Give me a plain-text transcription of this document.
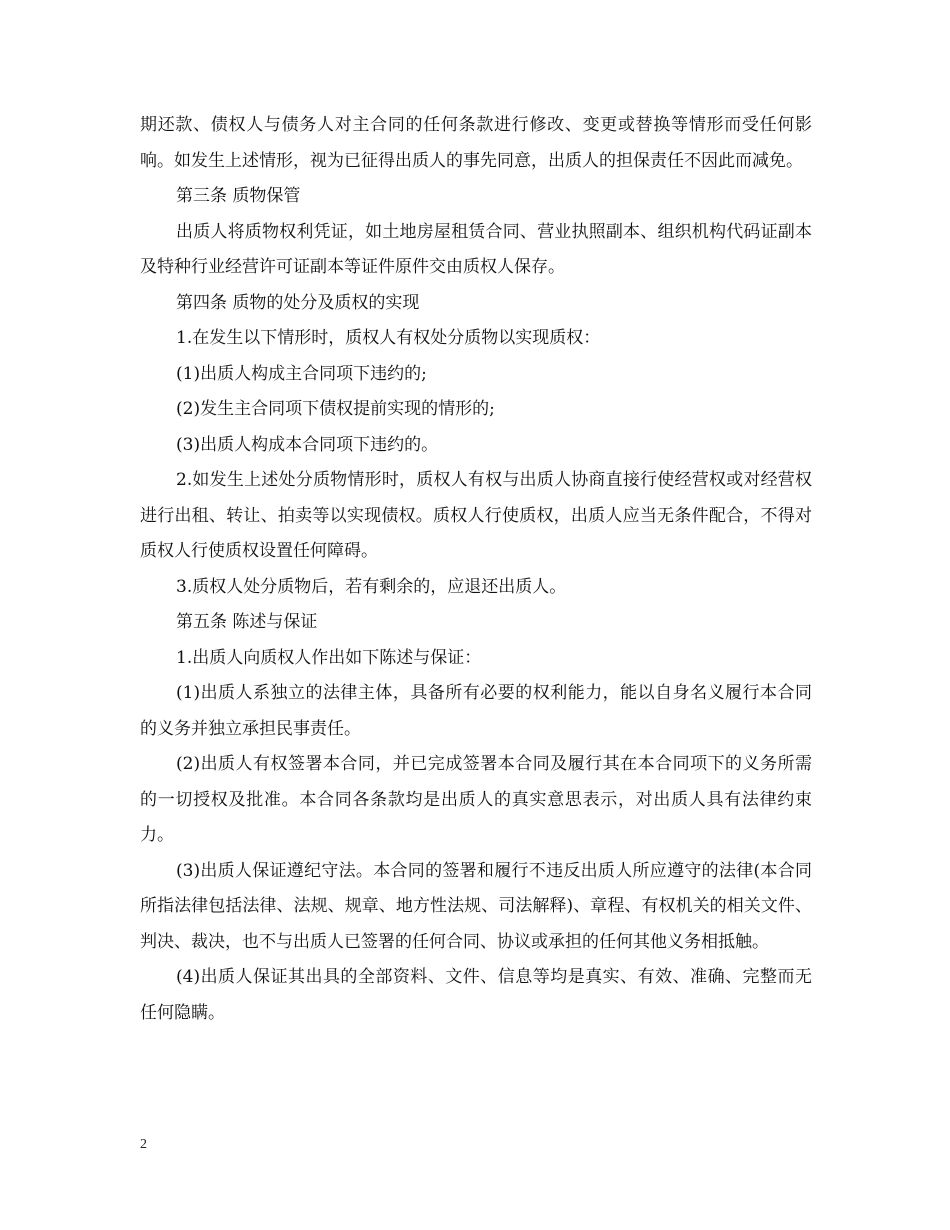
期还款、债权人与债务人对主合同的任何条款进行修改、变更或替换等情形而受任何影响。如发生上述情形，视为已征得出质人的事先同意，出质人的担保责任不因此而减免。

第三条 质物保管

出质人将质物权利凭证，如土地房屋租赁合同、营业执照副本、组织机构代码证副本及特种行业经营许可证副本等证件原件交由质权人保存。

第四条 质物的处分及质权的实现

1.在发生以下情形时，质权人有权处分质物以实现质权：

(1)出质人构成主合同项下违约的;

(2)发生主合同项下债权提前实现的情形的;

(3)出质人构成本合同项下违约的。

2.如发生上述处分质物情形时，质权人有权与出质人协商直接行使经营权或对经营权进行出租、转让、拍卖等以实现债权。质权人行使质权，出质人应当无条件配合，不得对质权人行使质权设置任何障碍。

3.质权人处分质物后，若有剩余的，应退还出质人。

第五条 陈述与保证

1.出质人向质权人作出如下陈述与保证：

(1)出质人系独立的法律主体，具备所有必要的权利能力，能以自身名义履行本合同的义务并独立承担民事责任。

(2)出质人有权签署本合同，并已完成签署本合同及履行其在本合同项下的义务所需的一切授权及批准。本合同各条款均是出质人的真实意思表示，对出质人具有法律约束力。

(3)出质人保证遵纪守法。本合同的签署和履行不违反出质人所应遵守的法律(本合同所指法律包括法律、法规、规章、地方性法规、司法解释)、章程、有权机关的相关文件、判决、裁决，也不与出质人已签署的任何合同、协议或承担的任何其他义务相抵触。

(4)出质人保证其出具的全部资料、文件、信息等均是真实、有效、准确、完整而无任何隐瞒。

2
